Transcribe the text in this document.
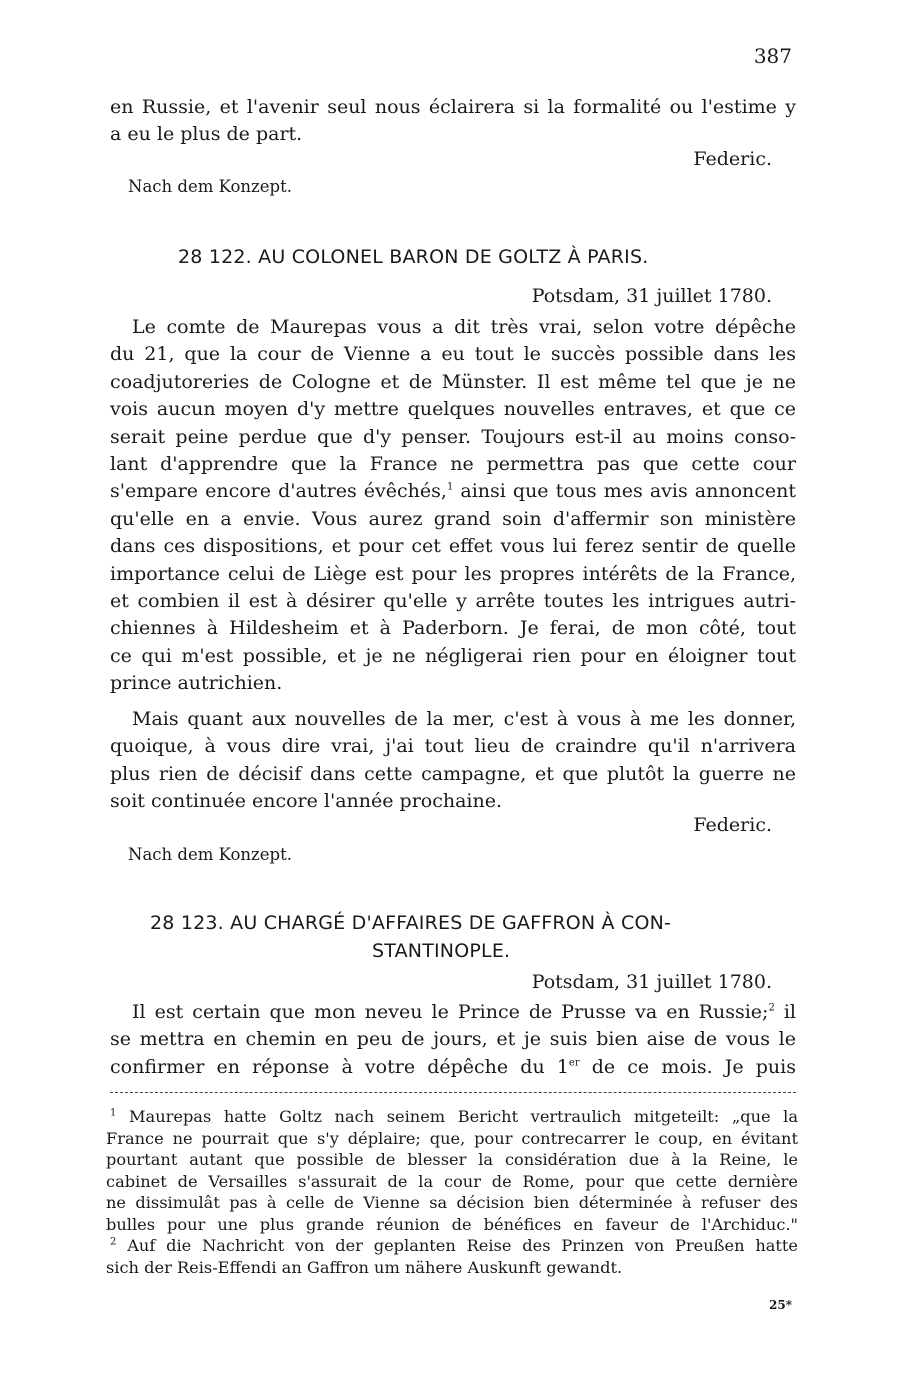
387
en Russie, et l'avenir seul nous éclairera si la formalité ou l'estime y
a eu le plus de part.
Federic.
Nach dem Konzept.
28 122. AU COLONEL BARON DE GOLTZ À PARIS.
Potsdam, 31 juillet 1780.
Le comte de Maurepas vous a dit très vrai, selon votre dépêche
du 21, que la cour de Vienne a eu tout le succès possible dans les
coadjutoreries de Cologne et de Münster. Il est même tel que je ne
vois aucun moyen d'y mettre quelques nouvelles entraves, et que ce
serait peine perdue que d'y penser. Toujours est-il au moins conso-
lant d'apprendre que la France ne permettra pas que cette cour
s'empare encore d'autres évêchés,$^1$ ainsi que tous mes avis annoncent
qu'elle en a envie. Vous aurez grand soin d'affermir son ministère
dans ces dispositions, et pour cet effet vous lui ferez sentir de quelle
importance celui de Liège est pour les propres intérêts de la France,
et combien il est à désirer qu'elle y arrête toutes les intrigues autri-
chiennes à Hildesheim et à Paderborn. Je ferai, de mon côté, tout
ce qui m'est possible, et je ne négligerai rien pour en éloigner tout
prince autrichien.
Mais quant aux nouvelles de la mer, c'est à vous à me les donner,
quoique, à vous dire vrai, j'ai tout lieu de craindre qu'il n'arrivera
plus rien de décisif dans cette campagne, et que plutôt la guerre ne
soit continuée encore l'année prochaine.
Federic.
Nach dem Konzept.
28 123. AU CHARGÉ D'AFFAIRES DE GAFFRON À CON-
STANTINOPLE.
Potsdam, 31 juillet 1780.
Il est certain que mon neveu le Prince de Prusse va en Russie;$^2$ il
se mettra en chemin en peu de jours, et je suis bien aise de vous le
confirmer en réponse à votre dépêche du 1er de ce mois. Je puis
$^1$ Maurepas hatte Goltz nach seinem Bericht vertraulich mitgeteilt: „que la
France ne pourrait que s'y déplaire; que, pour contrecarrer le coup, en évitant
pourtant autant que possible de blesser la considération due à la Reine, le
cabinet de Versailles s'assurait de la cour de Rome, pour que cette dernière
ne dissimulât pas à celle de Vienne sa décision bien déterminée à refuser des
bulles pour une plus grande réunion de bénéfices en faveur de l'Archiduc."
$^2$ Auf die Nachricht von der geplanten Reise des Prinzen von Preußen hatte
sich der Reis-Effendi an Gaffron um nähere Auskunft gewandt.
25*
